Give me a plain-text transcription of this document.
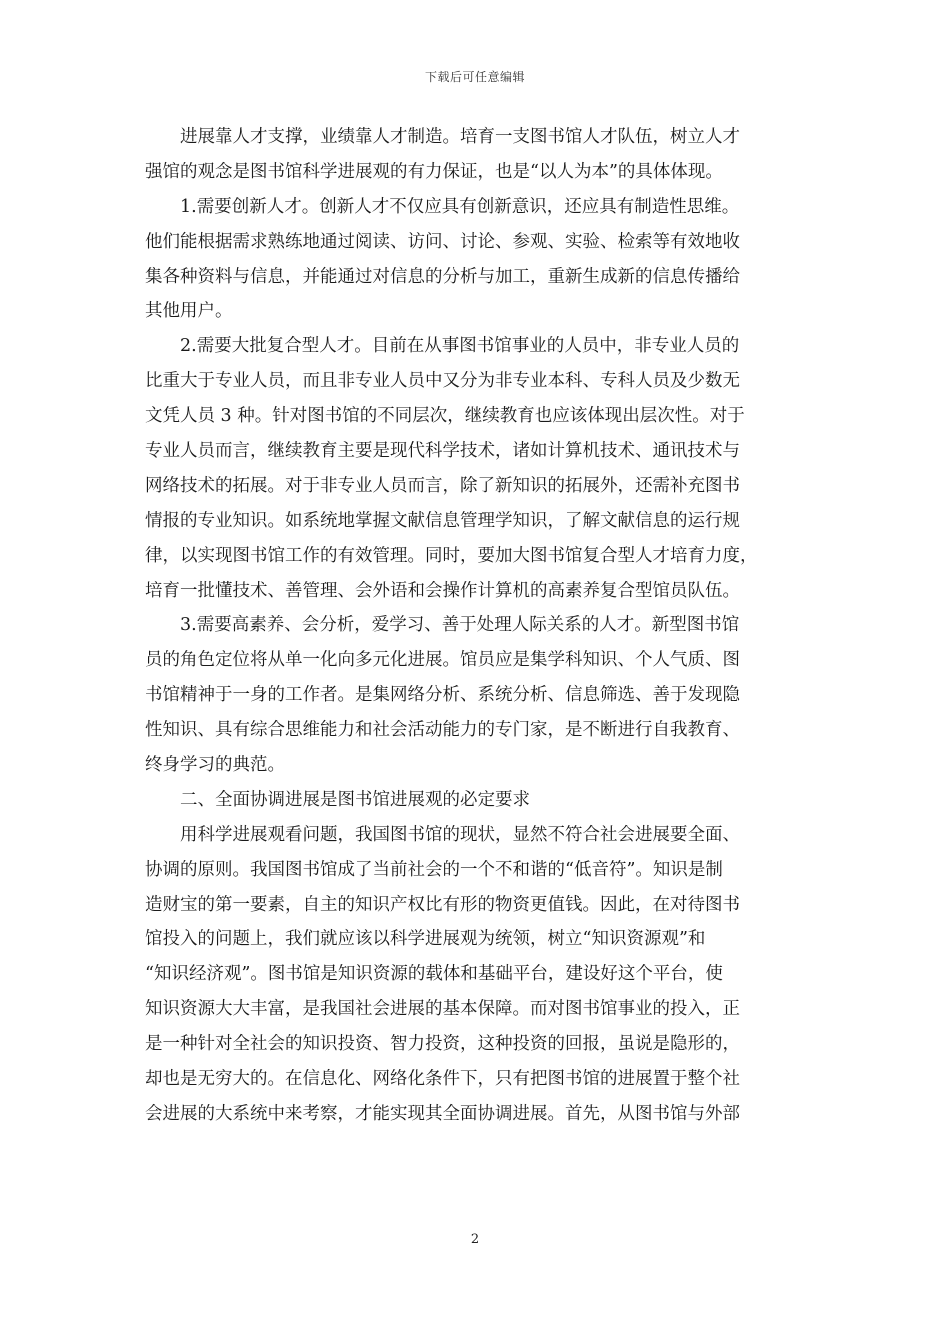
下载后可任意编辑
进展靠人才支撑，业绩靠人才制造。培育一支图书馆人才队伍，树立人才
强馆的观念是图书馆科学进展观的有力保证，也是“以人为本”的具体体现。
1.需要创新人才。创新人才不仅应具有创新意识，还应具有制造性思维。
他们能根据需求熟练地通过阅读、访问、讨论、参观、实验、检索等有效地收
集各种资料与信息，并能通过对信息的分析与加工，重新生成新的信息传播给
其他用户。
2.需要大批复合型人才。目前在从事图书馆事业的人员中，非专业人员的
比重大于专业人员，而且非专业人员中又分为非专业本科、专科人员及少数无
文凭人员 3 种。针对图书馆的不同层次，继续教育也应该体现出层次性。对于
专业人员而言，继续教育主要是现代科学技术，诸如计算机技术、通讯技术与
网络技术的拓展。对于非专业人员而言，除了新知识的拓展外，还需补充图书
情报的专业知识。如系统地掌握文献信息管理学知识，了解文献信息的运行规
律，以实现图书馆工作的有效管理。同时，要加大图书馆复合型人才培育力度，
培育一批懂技术、善管理、会外语和会操作计算机的高素养复合型馆员队伍。
3.需要高素养、会分析，爱学习、善于处理人际关系的人才。新型图书馆
员的角色定位将从单一化向多元化进展。馆员应是集学科知识、个人气质、图
书馆精神于一身的工作者。是集网络分析、系统分析、信息筛选、善于发现隐
性知识、具有综合思维能力和社会活动能力的专门家，是不断进行自我教育、
终身学习的典范。
二、全面协调进展是图书馆进展观的必定要求
用科学进展观看问题，我国图书馆的现状，显然不符合社会进展要全面、
协调的原则。我国图书馆成了当前社会的一个不和谐的“低音符”。知识是制
造财宝的第一要素，自主的知识产权比有形的物资更值钱。因此，在对待图书
馆投入的问题上，我们就应该以科学进展观为统领，树立“知识资源观”和
“知识经济观”。图书馆是知识资源的载体和基础平台，建设好这个平台，使
知识资源大大丰富，是我国社会进展的基本保障。而对图书馆事业的投入，正
是一种针对全社会的知识投资、智力投资，这种投资的回报，虽说是隐形的，
却也是无穷大的。在信息化、网络化条件下，只有把图书馆的进展置于整个社
会进展的大系统中来考察，才能实现其全面协调进展。首先，从图书馆与外部
2
